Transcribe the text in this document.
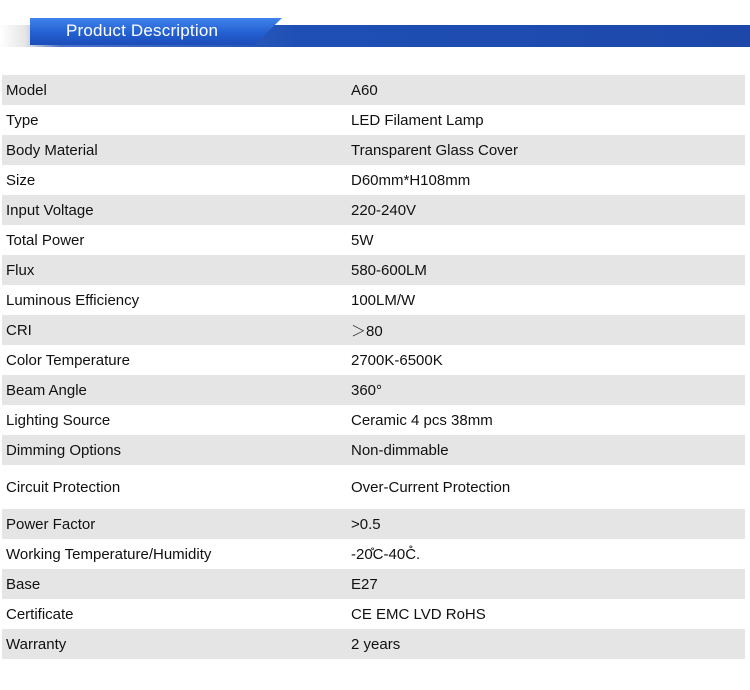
Product Description
Model	A60
Type	LED Filament Lamp
Body Material	Transparent Glass Cover
Size	D60mm*H108mm
Input Voltage	220-240V
Total Power	5W
Flux	580-600LM
Luminous Efficiency	100LM/W
CRI	＞80
Color Temperature	2700K-6500K
Beam Angle	360°
Lighting Source	Ceramic 4 pcs 38mm
Dimming Options	Non-dimmable
Circuit Protection	Over-Current Protection
Power Factor	>0.5
Working Temperature/Humidity	-20̊C-40C̊.
Base	E27
Certificate	CE EMC LVD RoHS
Warranty	2 years
